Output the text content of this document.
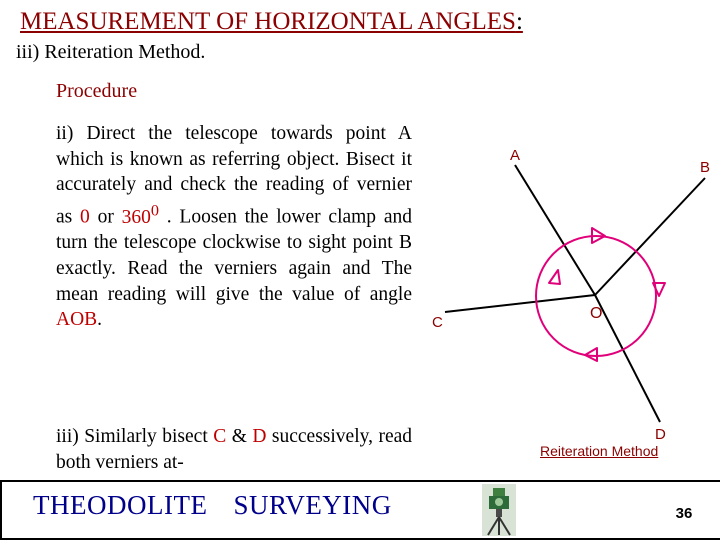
MEASUREMENT OF HORIZONTAL ANGLES:
iii) Reiteration Method.
Procedure
ii) Direct the telescope towards point A which is known as referring object. Bisect it accurately and check the reading of vernier as 0 or $360^0$ . Loosen the lower clamp and turn the telescope clockwise to sight point B exactly. Read the verniers again and The mean reading will give the value of angle AOB.
iii) Similarly bisect C & D successively, read both verniers at-
A
B
C
O
D
Reiteration Method
THEODOLITE SURVEYING	36
